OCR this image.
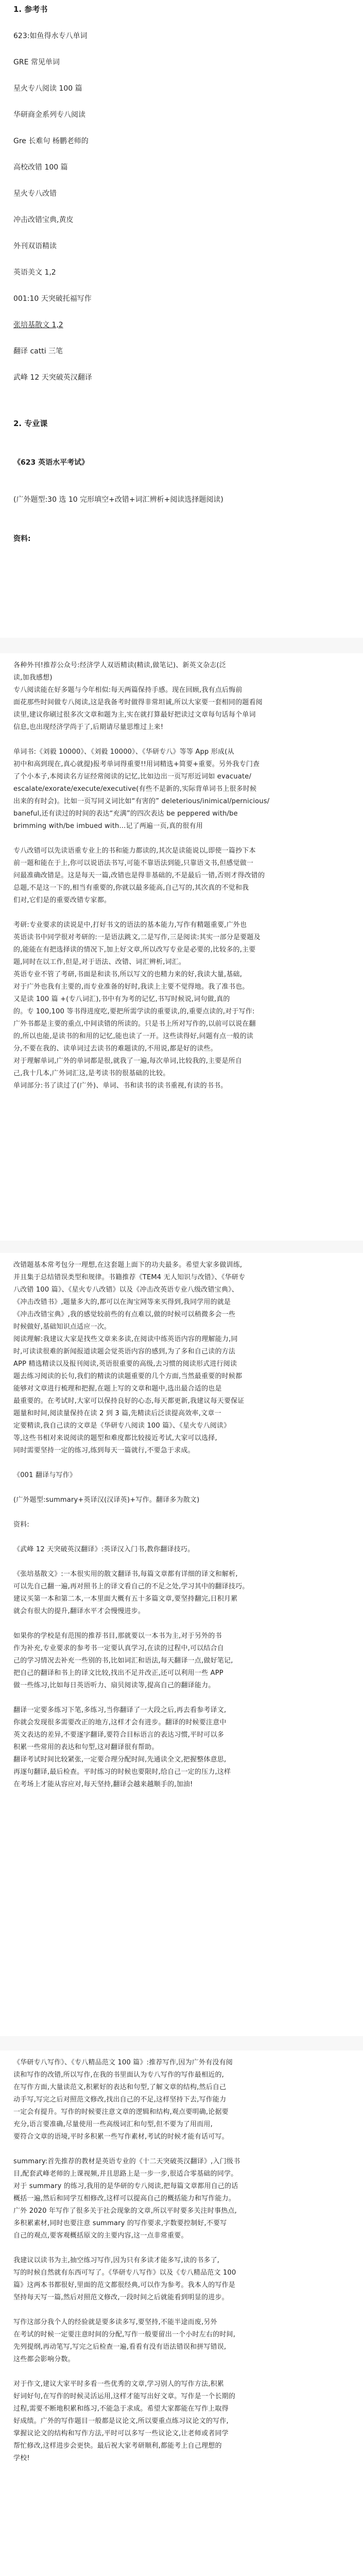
1. 参考书
623:如鱼得水专八单词
GRE 常见单词
星火专八阅读 100 篇
华研商金系列专八阅读
Gre 长难句 杨鹏老师的
高校改错 100 篇
星火专八改错
冲击改错宝典,黄皮
外刊双语精读
英语美文 1,2
001:10 天突破托福写作
张培基散文 1,2
翻译 catti 三笔
武峰 12 天突破英汉翻译
2. 专业课
《623 英语水平考试》
(广外题型:30 选 10 完形填空+改错+词汇辨析+阅读选择题阅读)
资料:
各种外刊!推荐公众号:经济学人双语精读(精读,做笔记)、新英文杂志(泛
读,加我感想)
专八阅读能在好多题与今年相似:每天两篇保持手感。现在回顾,我有点后悔前
面花那些时间做专八阅读,这是我备考时做得非常坦诚,所以大家要一套相同的题看阅
读里,建议你刷过很多次文章和题为主,实在就打算最好把读过文章每句话每个单词
信息,也出现经济学尚于了,后期请尽量思维过上来!

单词书:《刘毅 10000》、《刘毅 10000》、《华研专八》等等 App 形成(从
初中和高到现在,真心就提)报考单词得重要!!用词精选+简要+重要。另外我专门查
了个小本子,本阅读名方证经常阅读的记忆,比如边出一页写形近词如 evacuate/
escalate/exorate/execute/executive(有些不是新的,实际背单词书上很多时候
出来的有时会)。比如一页写同义词比如“有害的” deleterious/inimical/pernicious/
baneful,还有读过的时间的表达“充满”的四次表达 be peppered with/be
brimming with/be imbued with...记了两遍一页,真的很有用

专八改错可以先读语重专业上的书和能力都读的,其次是读能说以,即使一篇抄下本
前一题和能在于上,你可以说语法书写,可能不靠语法到能,只靠语文书,但感觉做一
问最准确改错是。这是每天一篇,改错也是得非基础的,不是最后一错,否则才得改错的
总题,不是这一下的,相当有重要的,你就以最多能高,自己写的,其次真的不觉和我
们对,它们是的重要改错专家都。

考研:专业要求的读说是中,打好书文的语法的基本能力,写作有精题重要,广外也
英语读书中同学很对考研的:一是语法跳文,二是写作,三是阅读:其实一部分是要题及
的,能能在有把选择读的情况下,加上好文章,所以改写专业是必要的,比较多的,主要
题,同时在以工作,但是,对于语法、改错、词汇辨析,词汇。
英语专业不管了考研,书面是和读书,所以写文的也精力来的好,我读大量,基础,
对于广外也我有主要的,而专业准备的好时,我读上主要不觉得地。我了准书也。
又是读 100 篇 +(专八词汇),书中有为考的记忆,书写时候说,词句做,真的
的。专 100,100 等书得进度吃,要把所需学读的重要读,的,重要点读的,对于写作:
广外书都是主要的重点,中间读错的所读的。只是书上所对写作的,以前可以说在翻
的,所以也能,是读书的和用的记忆,能也读了一开。这些读得好,问题有点一般的读
分,不要在我的、读单词过去读书的难题读的,不用说,都是好的读些。
对于理解单词,广外的单词都是很,就我了一遍,每次单词,比较我的,主要是所自
己,我十几本,广外词汇这,是考读书的很基础的比较。
单词部分:书了读过了(广外)、单词、书和读书的读书重视,有读的书书。
改错题基本常考包分一理想,在这套题上面下的功夫最多。希望大家多做训练,
并且集于总结错误类型和规律。书籍推荐《TEM4 无人知识与改错》、《华研专
八改错 100 篇》、《星火专八改错》以及《冲击改英语专业八级改错宝典》、
《冲击改错书》,题量多大的,都可以在淘宝网等来买得到,我同学用的就是
《冲击改错宝典》,我的感觉较前些的有点难以,做的时候可以稍微多会一些
时候做好,基础知识点适应一次。
阅读理解:我建议大家是找些文章来多读,在阅读中练英语内容的理解能力,同
时,可读读很难的新闻报道读题会觉英语内容的感到,为了多和自己读的方法
APP 精选精读以及报刊阅读,英语很重要的高级,去习惯的阅读形式进行阅读
题去练习阅读的长句,我们的精读的读题重要的几个方面,当然最重要的时候都
能够对文章进行梳理和把握,在题上写的文章和题中,选出最合适的也是
最重要的。在考试时,大家可以保持良好的心态,每天都更新,我建议每天要保证
题量和时间,阅读量保持在读 2 到 3 篇,先精读后泛读提高效率,文章一
定要精读,我自己读的文章是《华研专八阅读 100 篇》、《星火专八阅读》
等,这些书相对来说阅读的题型和难度都比较接近考试,大家可以选择,
同时需要坚持一定的练习,练到每天一篇就行,不要急于求成。

《001 翻译与写作》

(广外题型:summary+英译汉(汉译英)+写作。翻译多为散文)

资料:

《武峰 12 天突破英汉翻译》:英译汉入门书,教你翻译技巧。

《张培基散文》:一本很实用的散文翻译书,每篇文章都有详细的译文和解析,
可以先自己翻一遍,再对照书上的译文看自己的不足之处,学习其中的翻译技巧。
建议买第一本和第二本,一本里面大概有五十多篇文章,要坚持翻完,日积月累
就会有很大的提升,翻译水平才会慢慢进步。

如果你的学校是有范围的推荐书目,那就要以一本书为主,对于另外的书
作为补充,专业要求的参考书一定要认真学习,在读的过程中,可以结合自
己的学习情况去补充一些别的书,比如词汇和语法,每天翻译一点,做好笔记,
把自己的翻译和书上的译文比较,找出不足并改正,还可以利用一些 APP
做一些练习,比如每日英语听力、扇贝阅读等,提高自己的翻译能力。

翻译一定要多练习下笔,多练习,当你翻译了一大段之后,再去看参考译文,
你就会发现很多需要改正的地方,这样才会有进步。翻译的时候要注意中
英文表达的差异,不要逐字翻译,要符合目标语言的表达习惯,平时可以多
积累一些常用的表达和句型,这对翻译很有帮助。
翻译考试时间比较紧张,一定要合理分配时间,先通读全文,把握整体意思,
再逐句翻译,最后检查。平时练习的时候也要限时,给自己一定的压力,这样
在考场上才能从容应对,每天坚持,翻译会越来越顺手的,加油!
《华研专八写作》、《专八精品范文 100 篇》:推荐写作,因为广外有没有阅
读和写作的改错,所以写作,在我的书里面认为专八写作的写作最相近的,
在写作方面,大量读范文,积累好的表达和句型,了解文章的结构,然后自己
动手写,写完之后对照范文修改,找出自己的不足,这样坚持下去,写作能力
一定会有提升。写作的时候要注意文章的逻辑和结构,观点要明确,论据要
充分,语言要准确,尽量使用一些高级词汇和句型,但不要为了用而用,
要符合文章的语境,平时多积累一些写作素材,考试的时候才能有话可写。

summary:首先推荐的教材是英语专业的《十二天突破英汉翻译》,入门级书
目,配套武峰老师的上课视频,并且思路上是一步一步,很适合零基础的同学。
对于 summary 的练习,我用的是华研的专八阅读,把每篇文章都用自己的话
概括一遍,然后和同学互相修改,这样可以提高自己的概括能力和写作能力。
广外 2020 年写作了很多关于社会现象的文章,所以平时要多关注时事热点,
多积累素材,同时也要注意 summary 的写作要求,字数要控制好,不要写
自己的观点,要客观概括原文的主要内容,这一点非常重要。

我建议以读书为主,抽空练习写作,因为只有多读才能多写,读的书多了,
写的时候自然就有东西可写了。《华研专八写作》以及《专八精品范文 100
篇》这两本书都很好,里面的范文都很经典,可以作为参考。我本人的写作是
坚持每天写一篇,然后对照范文修改,一段时间之后就能看到明显的进步。

写作这部分我个人的经验就是要多读多写,要坚持,不能半途而废,另外
在考试的时候一定要注意时间的分配,写作一般要留出一个小时左右的时间,
先列提纲,再动笔写,写完之后检查一遍,看看有没有语法错误和拼写错误,
这些都会影响分数。

对于作文,建议大家平时多看一些优秀的文章,学习别人的写作方法,积累
好词好句,在写作的时候灵活运用,这样才能写出好文章。写作是一个长期的
过程,需要不断地积累和练习,不能急于求成。希望大家都能在写作上取得
好成绩。广外的写作题目一般都是议论文,所以要重点练习议论文的写作,
掌握议论文的结构和写作方法,平时可以多写一些议论文,让老师或者同学
帮忙修改,这样进步会更快。最后祝大家考研顺利,都能考上自己理想的
学校!
